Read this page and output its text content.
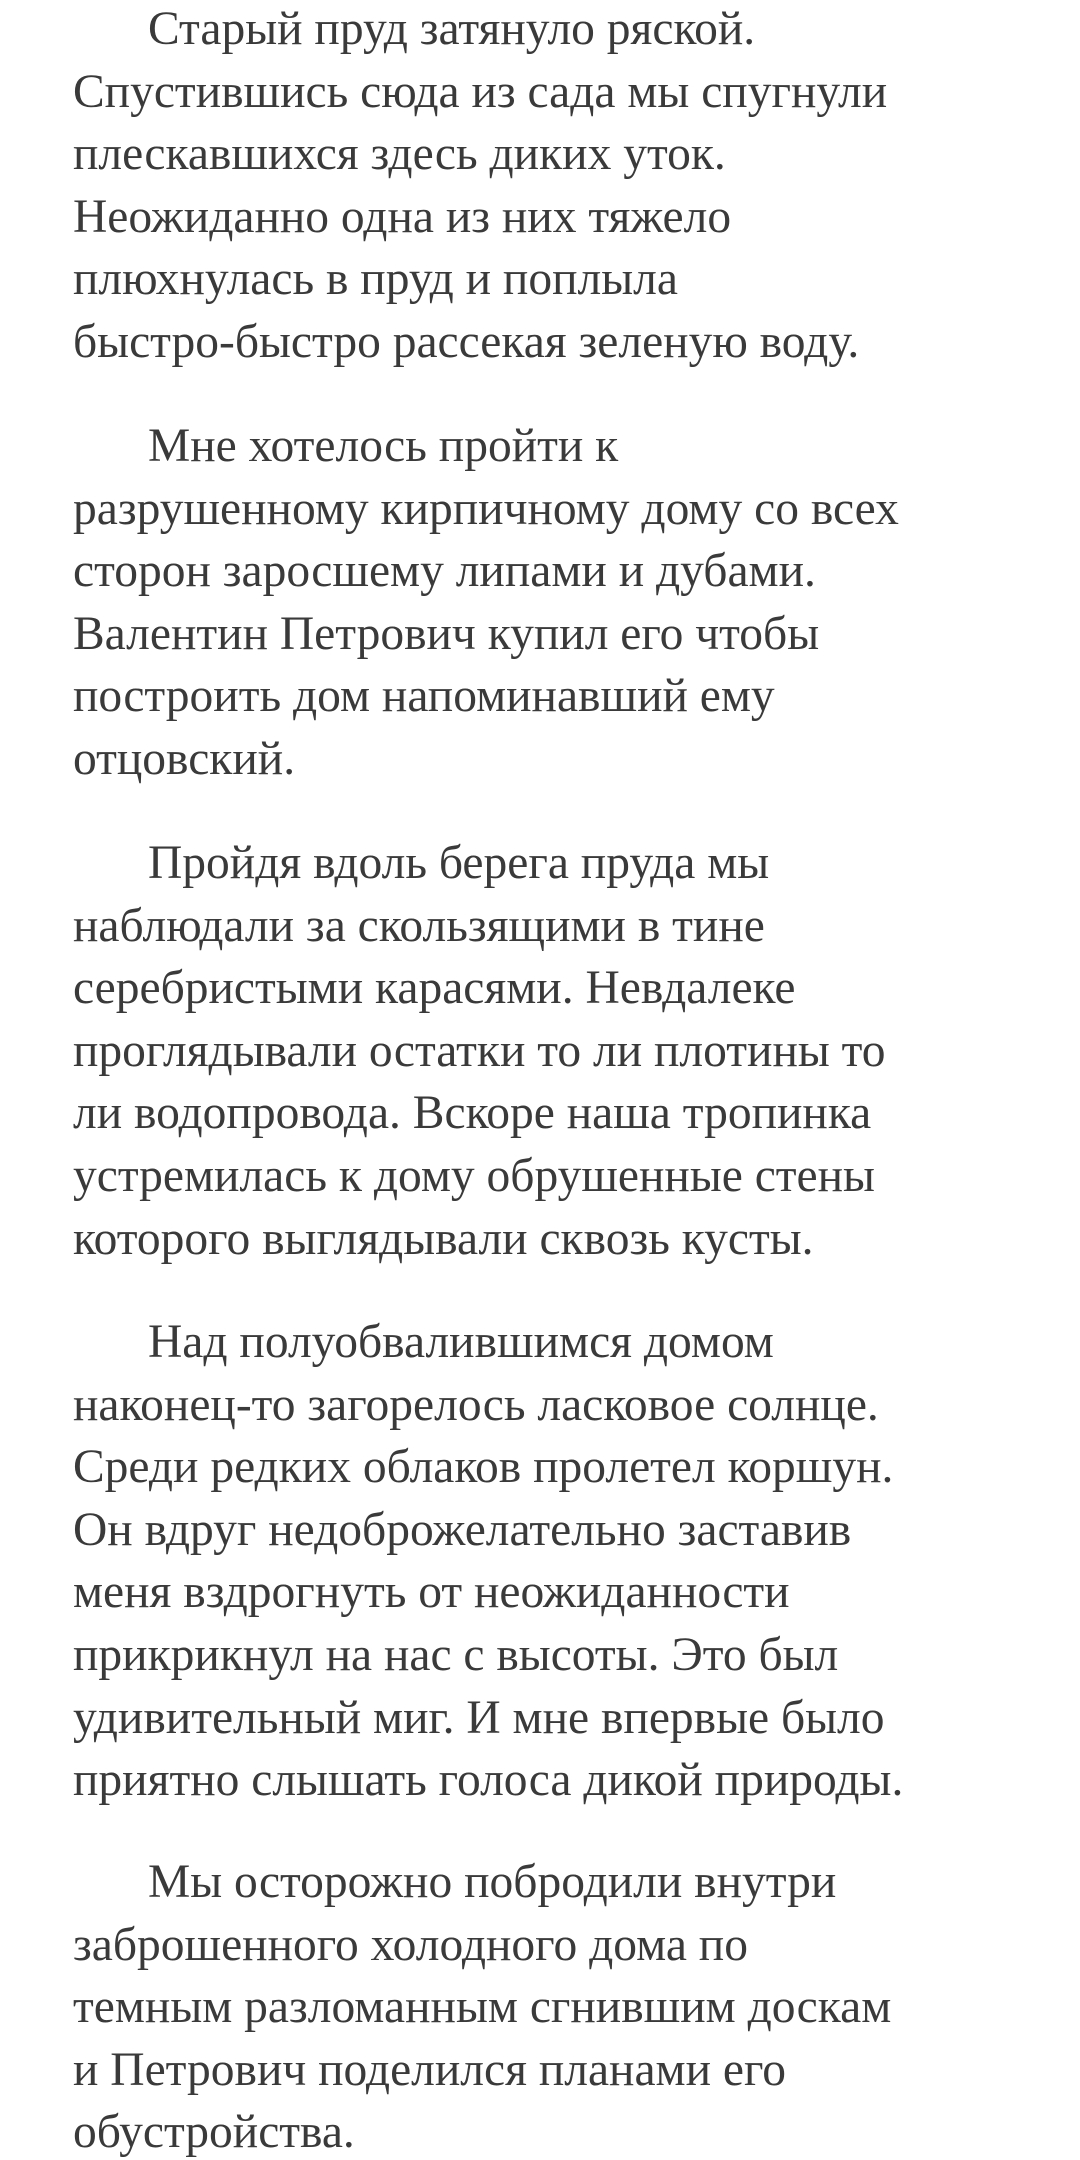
Старый пруд затянуло ряской.
Спустившись сюда из сада мы спугнули
плескавшихся здесь диких уток.
Неожиданно одна из них тяжело
плюхнулась в пруд и поплыла
быстро-быстро рассекая зеленую воду.
Мне хотелось пройти к
разрушенному кирпичному дому со всех
сторон заросшему липами и дубами.
Валентин Петрович купил его чтобы
построить дом напоминавший ему
отцовский.
Пройдя вдоль берега пруда мы
наблюдали за скользящими в тине
серебристыми карасями. Невдалеке
проглядывали остатки то ли плотины то
ли водопровода. Вскоре наша тропинка
устремилась к дому обрушенные стены
которого выглядывали сквозь кусты.
Над полуобвалившимся домом
наконец-то загорелось ласковое солнце.
Среди редких облаков пролетел коршун.
Он вдруг недоброжелательно заставив
меня вздрогнуть от неожиданности
прикрикнул на нас с высоты. Это был
удивительный миг. И мне впервые было
приятно слышать голоса дикой природы.
Мы осторожно побродили внутри
заброшенного холодного дома по
темным разломанным сгнившим доскам
и Петрович поделился планами его
обустройства.
